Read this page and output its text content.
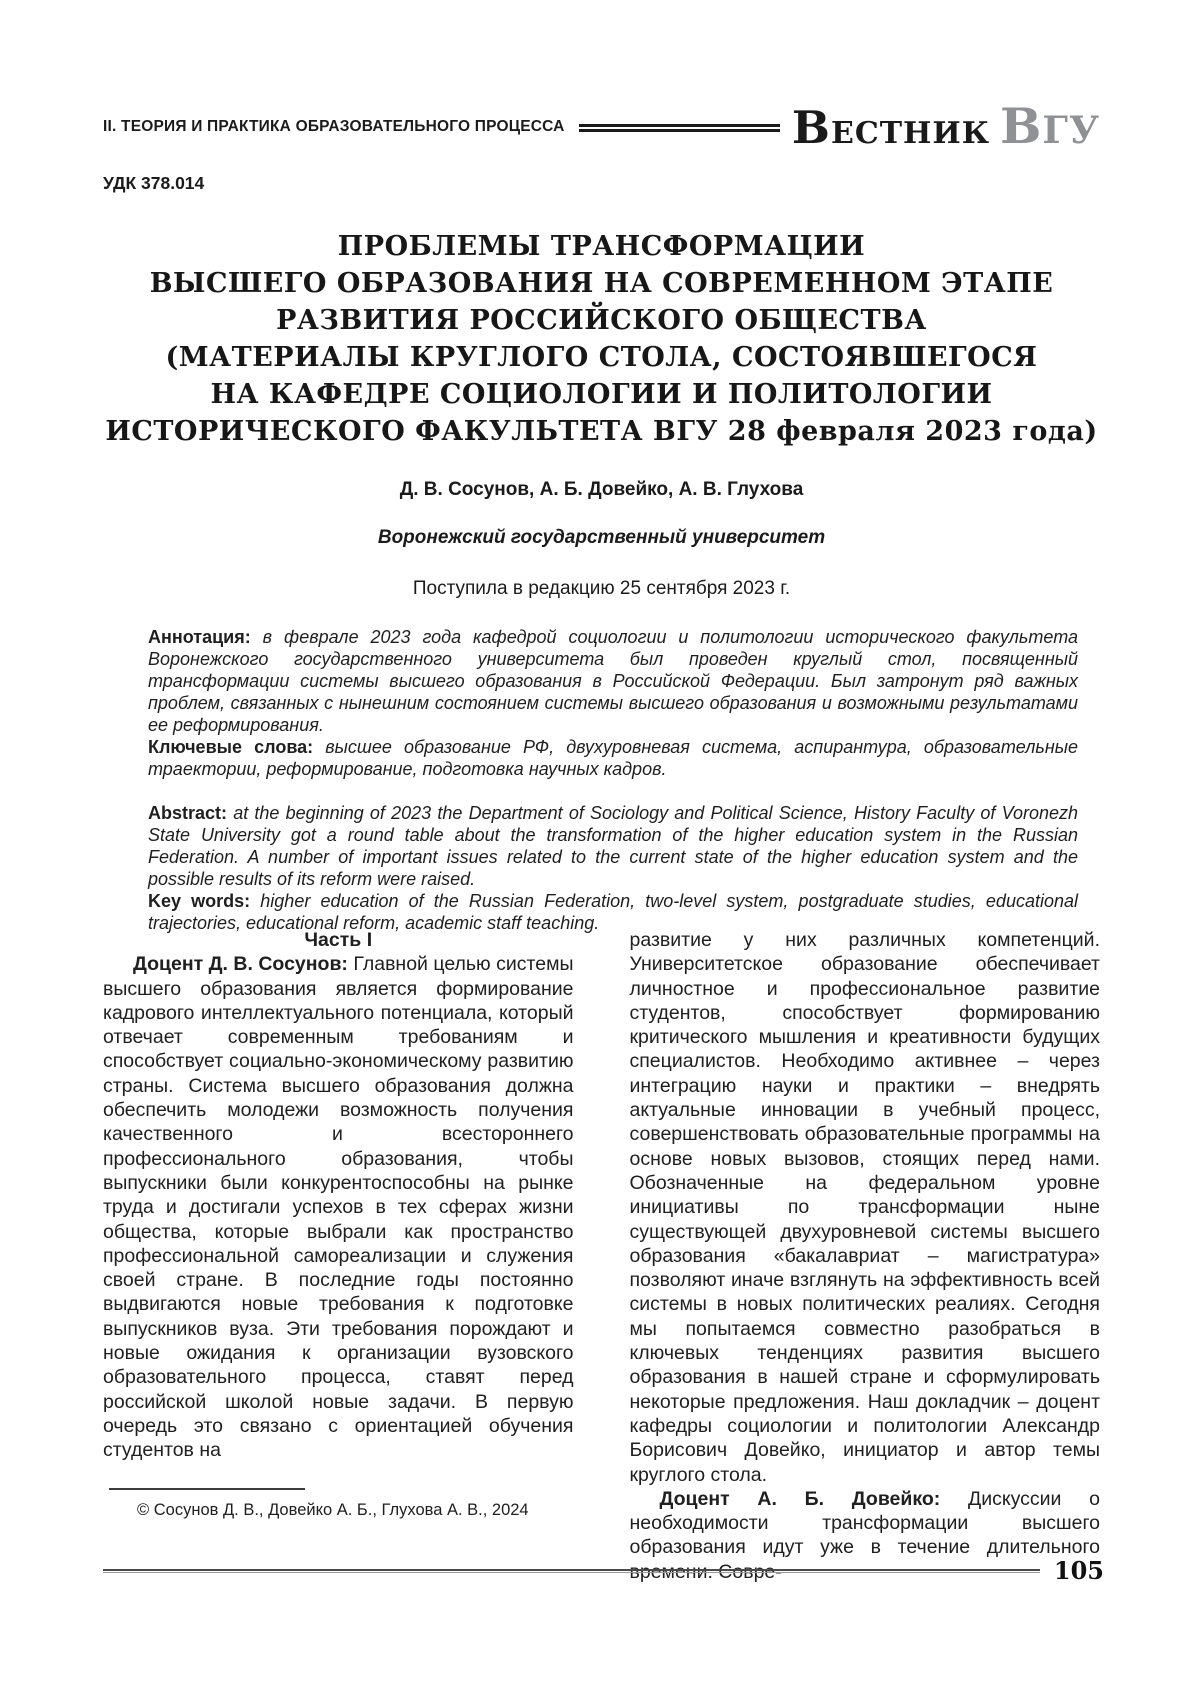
II. ТЕОРИЯ И ПРАКТИКА ОБРАЗОВАТЕЛЬНОГО ПРОЦЕССА	ВЕСТНИК ВГУ
УДК 378.014
ПРОБЛЕМЫ ТРАНСФОРМАЦИИ
ВЫСШЕГО ОБРАЗОВАНИЯ НА СОВРЕМЕННОМ ЭТАПЕ
РАЗВИТИЯ РОССИЙСКОГО ОБЩЕСТВА
(МАТЕРИАЛЫ КРУГЛОГО СТОЛА, СОСТОЯВШЕГОСЯ
НА КАФЕДРЕ СОЦИОЛОГИИ И ПОЛИТОЛОГИИ
ИСТОРИЧЕСКОГО ФАКУЛЬТЕТА ВГУ 28 февраля 2023 года)
Д. В. Сосунов, А. Б. Довейко, А. В. Глухова
Воронежский государственный университет
Поступила в редакцию 25 сентября 2023 г.

Аннотация: в феврале 2023 года кафедрой социологии и политологии исторического факультета Воронежского государственного университета был проведен круглый стол, посвященный трансформации системы высшего образования в Российской Федерации. Был затронут ряд важных проблем, связанных с нынешним состоянием системы высшего образования и возможными результатами ее реформирования.

Ключевые слова: высшее образование РФ, двухуровневая система, аспирантура, образовательные траектории, реформирование, подготовка научных кадров.

Abstract: at the beginning of 2023 the Department of Sociology and Political Science, History Faculty of Voronezh State University got a round table about the transformation of the higher education system in the Russian Federation. A number of important issues related to the current state of the higher education system and the possible results of its reform were raised.

Key words: higher education of the Russian Federation, two-level system, postgraduate studies, educational trajectories, educational reform, academic staff teaching.

Часть I

Доцент Д. В. Сосунов: Главной целью системы высшего образования является формирование кадрового интеллектуального потенциала, который отвечает современным требованиям и способствует социально-экономическому развитию страны. Система высшего образования должна обеспечить молодежи возможность получения качественного и всестороннего профессионального образования, чтобы выпускники были конкурентоспособны на рынке труда и достигали успехов в тех сферах жизни общества, которые выбрали как пространство профессиональной самореализации и служения своей стране. В последние годы постоянно выдвигаются новые требования к подготовке выпускников вуза. Эти требования порождают и новые ожидания к организации вузовского образовательного процесса, ставят перед российской школой новые задачи. В первую очередь это связано с ориентацией обучения студентов на

© Сосунов Д. В., Довейко А. Б., Глухова А. В., 2024

развитие у них различных компетенций. Университетское образование обеспечивает личностное и профессиональное развитие студентов, способствует формированию критического мышления и креативности будущих специалистов. Необходимо активнее – через интеграцию науки и практики – внедрять актуальные инновации в учебный процесс, совершенствовать образовательные программы на основе новых вызовов, стоящих перед нами. Обозначенные на федеральном уровне инициативы по трансформации ныне существующей двухуровневой системы высшего образования «бакалавриат – магистратура» позволяют иначе взглянуть на эффективность всей системы в новых политических реалиях. Сегодня мы попытаемся совместно разобраться в ключевых тенденциях развития высшего образования в нашей стране и сформулировать некоторые предложения. Наш докладчик – доцент кафедры социологии и политологии Александр Борисович Довейко, инициатор и автор темы круглого стола.

Доцент А. Б. Довейко: Дискуссии о необходимости трансформации высшего образования идут уже в течение длительного времени. Совре-	105
